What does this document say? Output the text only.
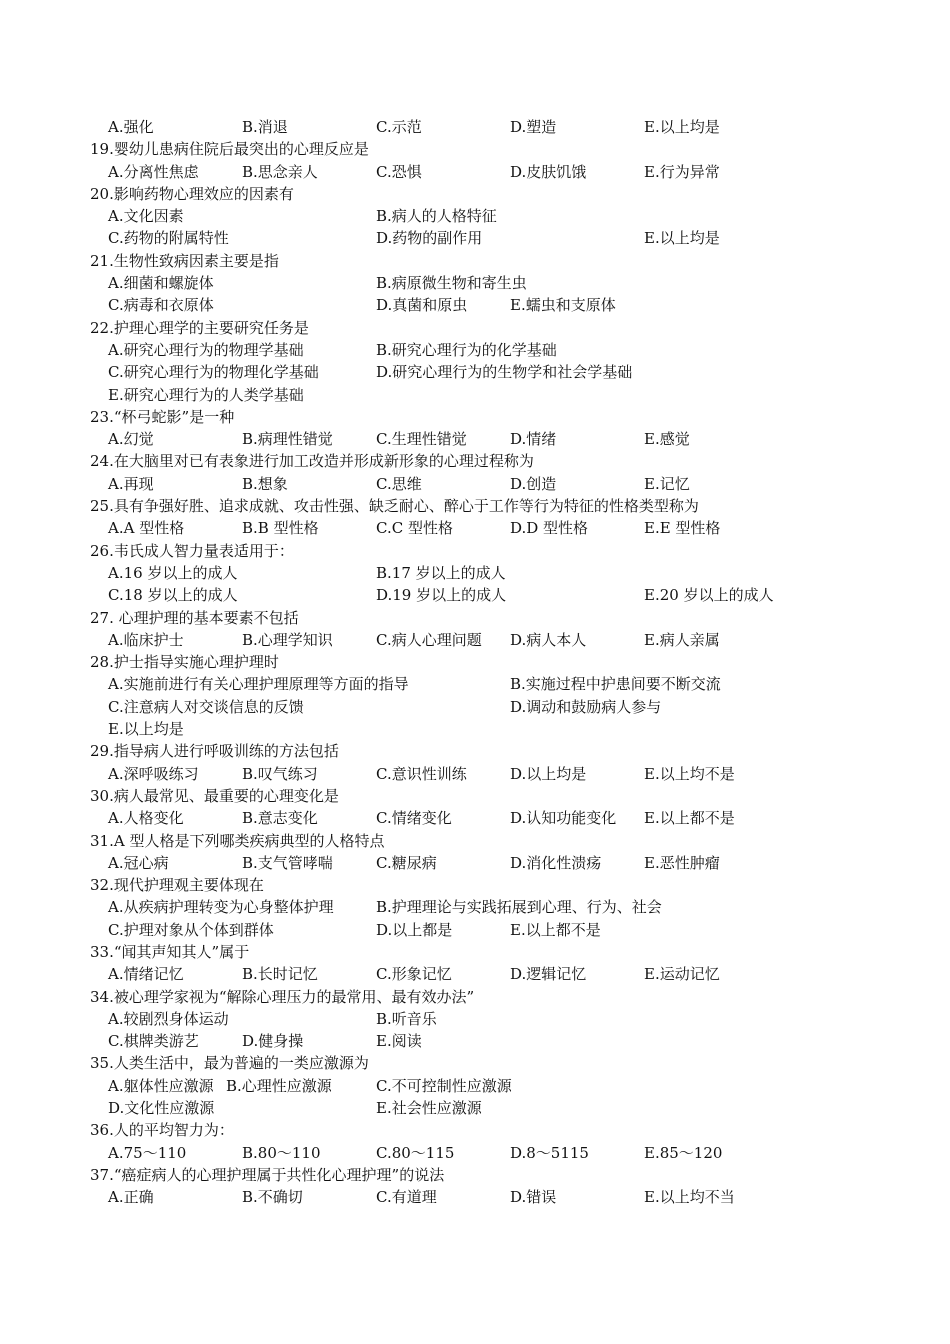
A.强化	B.消退	C.示范	D.塑造	E.以上均是
19.婴幼儿患病住院后最突出的心理反应是
A.分离性焦虑	B.思念亲人	C.恐惧	D.皮肤饥饿	E.行为异常
20.影响药物心理效应的因素有
A.文化因素	B.病人的人格特征
C.药物的附属特性	D.药物的副作用	E.以上均是
21.生物性致病因素主要是指
A.细菌和螺旋体	B.病原微生物和寄生虫
C.病毒和衣原体	D.真菌和原虫	E.蠕虫和支原体
22.护理心理学的主要研究任务是
A.研究心理行为的物理学基础	B.研究心理行为的化学基础
C.研究心理行为的物理化学基础	D.研究心理行为的生物学和社会学基础
E.研究心理行为的人类学基础
23.“杯弓蛇影”是一种
A.幻觉	B.病理性错觉	C.生理性错觉	D.情绪	E.感觉
24.在大脑里对已有表象进行加工改造并形成新形象的心理过程称为
A.再现	B.想象	C.思维	D.创造	E.记忆
25.具有争强好胜、追求成就、攻击性强、缺乏耐心、醉心于工作等行为特征的性格类型称为
A.A 型性格	B.B 型性格	C.C 型性格	D.D 型性格	E.E 型性格
26.韦氏成人智力量表适用于：
A.16 岁以上的成人	B.17 岁以上的成人
C.18 岁以上的成人	D.19 岁以上的成人	E.20 岁以上的成人
27. 心理护理的基本要素不包括
A.临床护士	B.心理学知识	C.病人心理问题 D.病人本人	E.病人亲属
28.护士指导实施心理护理时
A.实施前进行有关心理护理原理等方面的指导	B.实施过程中护患间要不断交流
C.注意病人对交谈信息的反馈	D.调动和鼓励病人参与
E.以上均是
29.指导病人进行呼吸训练的方法包括
A.深呼吸练习	B.叹气练习	C.意识性训练	D.以上均是	E.以上均不是
30.病人最常见、最重要的心理变化是
A.人格变化	B.意志变化	C.情绪变化	D.认知功能变化 E.以上都不是
31.A 型人格是下列哪类疾病典型的人格特点
A.冠心病	B.支气管哮喘	C.糖尿病	D.消化性溃疡	E.恶性肿瘤
32.现代护理观主要体现在
A.从疾病护理转变为心身整体护理	B.护理理论与实践拓展到心理、行为、社会
C.护理对象从个体到群体	D.以上都是	E.以上都不是
33.“闻其声知其人”属于
A.情绪记忆	B.长时记忆	C.形象记忆	D.逻辑记忆	E.运动记忆
34.被心理学家视为“解除心理压力的最常用、最有效办法”
A.较剧烈身体运动	B.听音乐
C.棋牌类游艺	D.健身操	E.阅读
35.人类生活中，最为普遍的一类应激源为
A.躯体性应激源 B.心理性应激源	C.不可控制性应激源
D.文化性应激源	E.社会性应激源
36.人的平均智力为：
A.75～110	B.80～110	C.80～115	D.8～5115	E.85～120
37.“癌症病人的心理护理属于共性化心理护理”的说法
A.正确	B.不确切	C.有道理	D.错误	E.以上均不当
